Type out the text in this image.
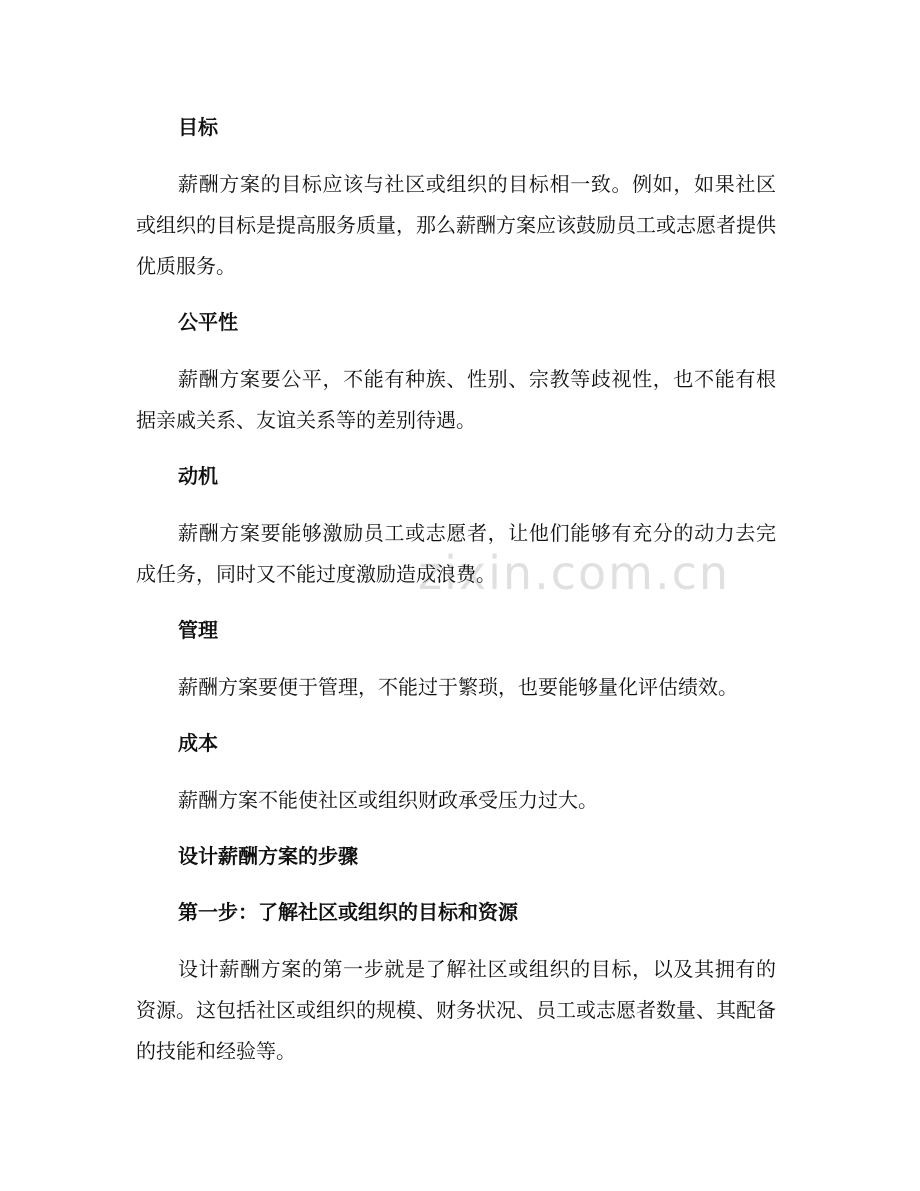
目标

薪酬方案的目标应该与社区或组织的目标相一致。例如，如果社区或组织的目标是提高服务质量，那么薪酬方案应该鼓励员工或志愿者提供优质服务。

公平性

薪酬方案要公平，不能有种族、性别、宗教等歧视性，也不能有根据亲戚关系、友谊关系等的差别待遇。

动机

薪酬方案要能够激励员工或志愿者，让他们能够有充分的动力去完成任务，同时又不能过度激励造成浪费。

管理

薪酬方案要便于管理，不能过于繁琐，也要能够量化评估绩效。

成本

薪酬方案不能使社区或组织财政承受压力过大。

设计薪酬方案的步骤

第一步：了解社区或组织的目标和资源

设计薪酬方案的第一步就是了解社区或组织的目标，以及其拥有的资源。这包括社区或组织的规模、财务状况、员工或志愿者数量、其配备的技能和经验等。

zixin.com.cn
